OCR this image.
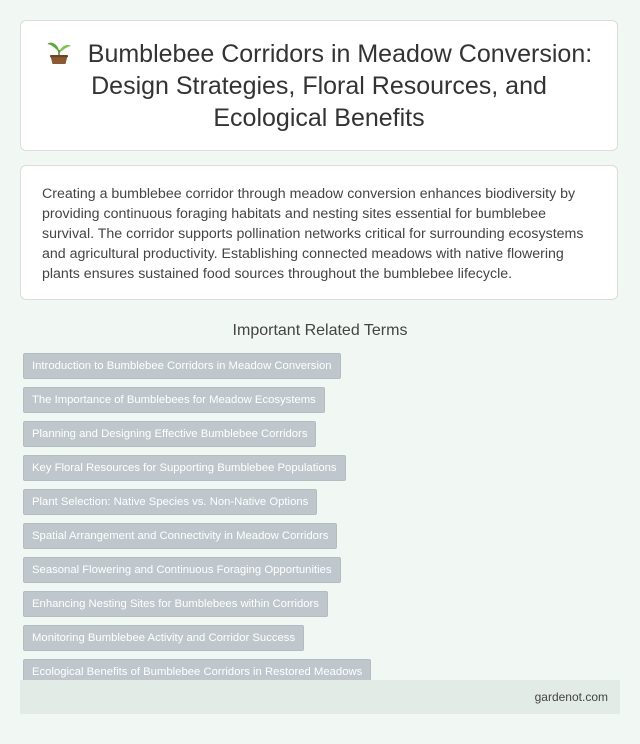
Bumblebee Corridors in Meadow Conversion: Design Strategies, Floral Resources, and Ecological Benefits

Creating a bumblebee corridor through meadow conversion enhances biodiversity by providing continuous foraging habitats and nesting sites essential for bumblebee survival. The corridor supports pollination networks critical for surrounding ecosystems and agricultural productivity. Establishing connected meadows with native flowering plants ensures sustained food sources throughout the bumblebee lifecycle.

Important Related Terms
Introduction to Bumblebee Corridors in Meadow Conversion
The Importance of Bumblebees for Meadow Ecosystems
Planning and Designing Effective Bumblebee Corridors
Key Floral Resources for Supporting Bumblebee Populations
Plant Selection: Native Species vs. Non-Native Options
Spatial Arrangement and Connectivity in Meadow Corridors
Seasonal Flowering and Continuous Foraging Opportunities
Enhancing Nesting Sites for Bumblebees within Corridors
Monitoring Bumblebee Activity and Corridor Success
Ecological Benefits of Bumblebee Corridors in Restored Meadows
gardenot.com
